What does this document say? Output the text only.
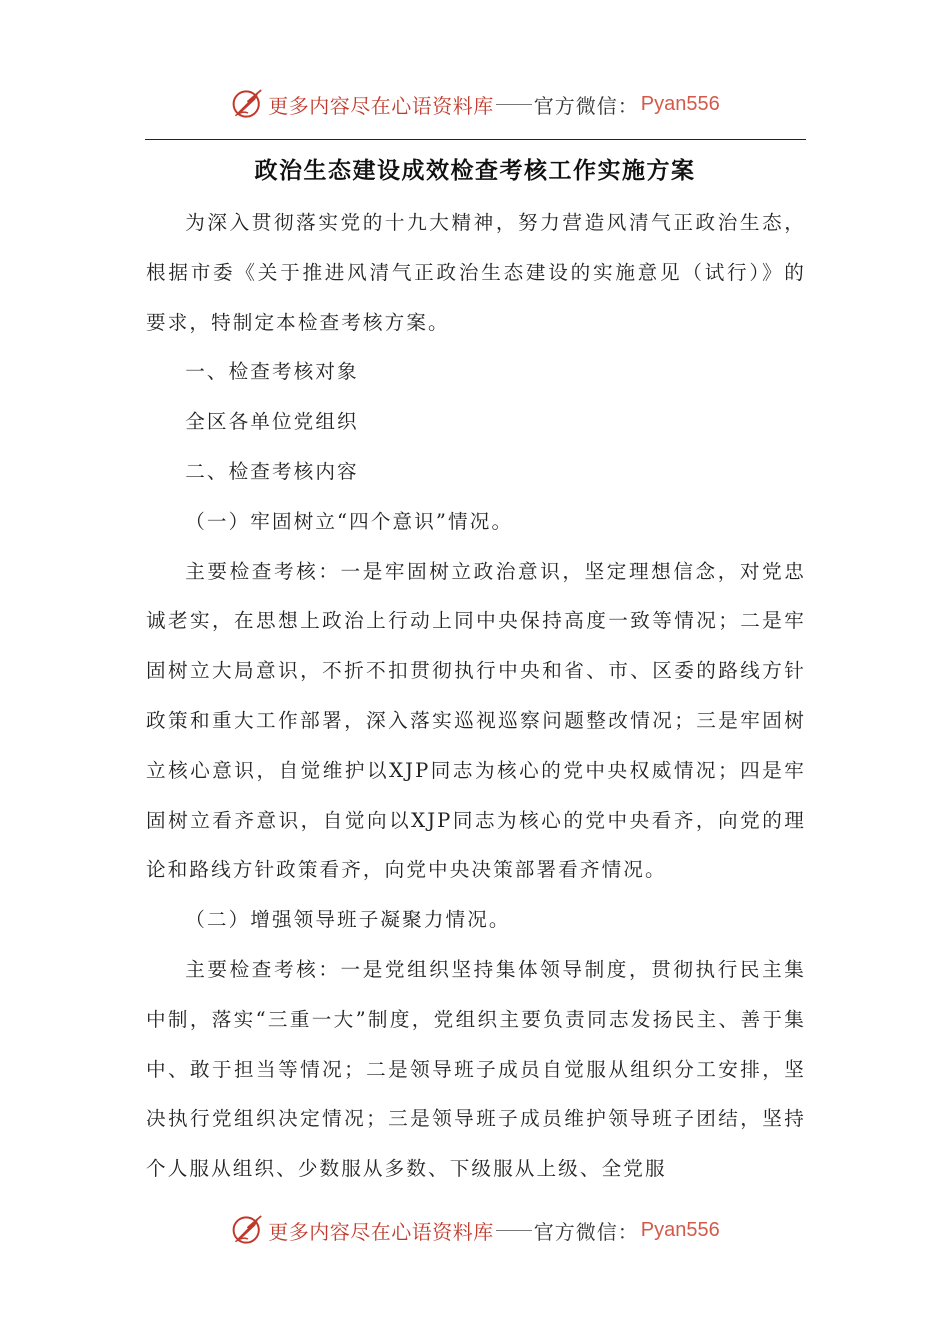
更多内容尽在心语资料库 官方微信： Pyan556
政治生态建设成效检查考核工作实施方案

为深入贯彻落实党的十九大精神，努力营造风清气正政治生态，根据市委《关于推进风清气正政治生态建设的实施意见（试行）》的要求，特制定本检查考核方案。

一、检查考核对象

全区各单位党组织

二、检查考核内容

（一）牢固树立“四个意识”情况。

主要检查考核：一是牢固树立政治意识，坚定理想信念，对党忠诚老实，在思想上政治上行动上同中央保持高度一致等情况；二是牢固树立大局意识，不折不扣贯彻执行中央和省、市、区委的路线方针政策和重大工作部署，深入落实巡视巡察问题整改情况；三是牢固树立核心意识，自觉维护以XJP同志为核心的党中央权威情况；四是牢固树立看齐意识，自觉向以XJP同志为核心的党中央看齐，向党的理论和路线方针政策看齐，向党中央决策部署看齐情况。

（二）增强领导班子凝聚力情况。

主要检查考核：一是党组织坚持集体领导制度，贯彻执行民主集中制，落实“三重一大”制度，党组织主要负责同志发扬民主、善于集中、敢于担当等情况；二是领导班子成员自觉服从组织分工安排，坚决执行党组织决定情况；三是领导班子成员维护领导班子团结，坚持个人服从组织、少数服从多数、下级服从上级、全党服

更多内容尽在心语资料库 官方微信： Pyan556
